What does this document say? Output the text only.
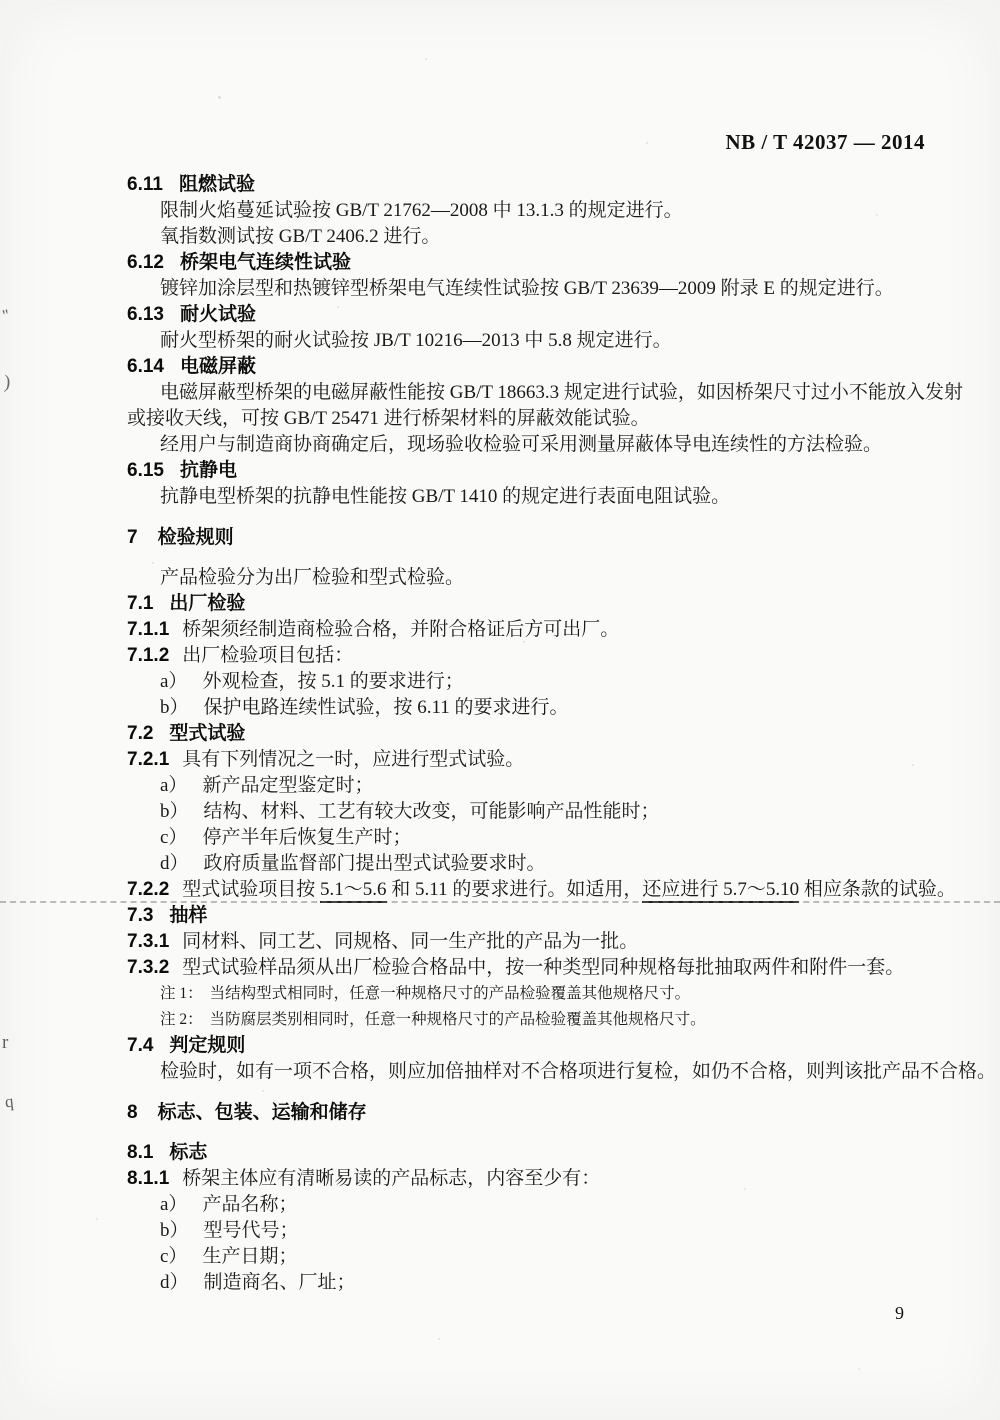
NB / T 42037 — 2014
6.11 阻燃试验
限制火焰蔓延试验按 GB/T 21762—2008 中 13.1.3 的规定进行。
氧指数测试按 GB/T 2406.2 进行。
6.12 桥架电气连续性试验
镀锌加涂层型和热镀锌型桥架电气连续性试验按 GB/T 23639—2009 附录 E 的规定进行。
6.13 耐火试验
耐火型桥架的耐火试验按 JB/T 10216—2013 中 5.8 规定进行。
6.14 电磁屏蔽
电磁屏蔽型桥架的电磁屏蔽性能按 GB/T 18663.3 规定进行试验，如因桥架尺寸过小不能放入发射
或接收天线，可按 GB/T 25471 进行桥架材料的屏蔽效能试验。
经用户与制造商协商确定后，现场验收检验可采用测量屏蔽体导电连续性的方法检验。
6.15 抗静电
抗静电型桥架的抗静电性能按 GB/T 1410 的规定进行表面电阻试验。
7 检验规则
产品检验分为出厂检验和型式检验。
7.1 出厂检验
7.1.1 桥架须经制造商检验合格，并附合格证后方可出厂。
7.1.2 出厂检验项目包括：
a） 外观检查，按 5.1 的要求进行；
b） 保护电路连续性试验，按 6.11 的要求进行。
7.2 型式试验
7.2.1 具有下列情况之一时，应进行型式试验。
a） 新产品定型鉴定时；
b） 结构、材料、工艺有较大改变，可能影响产品性能时；
c） 停产半年后恢复生产时；
d） 政府质量监督部门提出型式试验要求时。
7.2.2 型式试验项目按 5.1～5.6 和 5.11 的要求进行。如适用，还应进行 5.7～5.10 相应条款的试验。
7.3 抽样
7.3.1 同材料、同工艺、同规格、同一生产批的产品为一批。
7.3.2 型式试验样品须从出厂检验合格品中，按一种类型同种规格每批抽取两件和附件一套。
注 1： 当结构型式相同时，任意一种规格尺寸的产品检验覆盖其他规格尺寸。
注 2： 当防腐层类别相同时，任意一种规格尺寸的产品检验覆盖其他规格尺寸。
7.4 判定规则
检验时，如有一项不合格，则应加倍抽样对不合格项进行复检，如仍不合格，则判该批产品不合格。
8 标志、包装、运输和储存
8.1 标志
8.1.1 桥架主体应有清晰易读的产品标志，内容至少有：
a） 产品名称；
b） 型号代号；
c） 生产日期；
d） 制造商名、厂址；
9
''
)
r
q
